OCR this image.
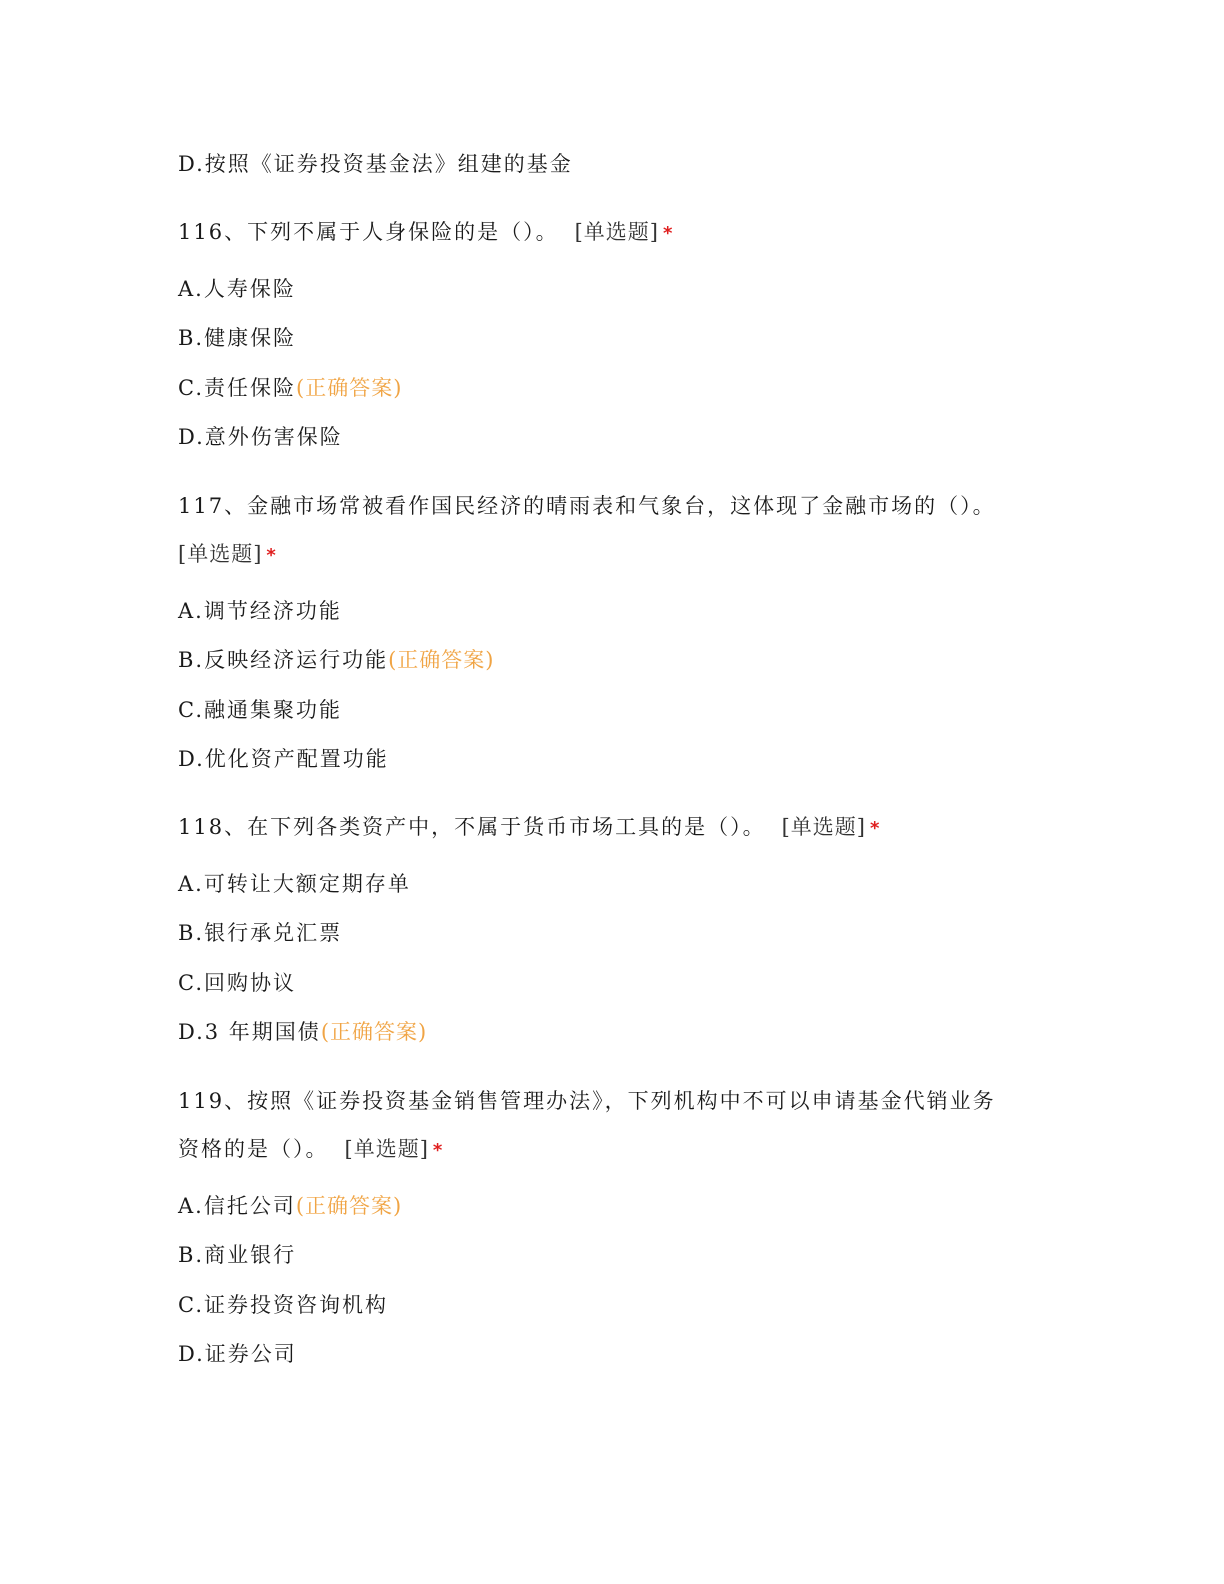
D.按照《证券投资基金法》组建的基金
116、下列不属于人身保险的是（）。 [单选题] *
A.人寿保险
B.健康保险
C.责任保险(正确答案)
D.意外伤害保险
117、金融市场常被看作国民经济的晴雨表和气象台，这体现了金融市场的（）。
[单选题] *
A.调节经济功能
B.反映经济运行功能(正确答案)
C.融通集聚功能
D.优化资产配置功能
118、在下列各类资产中，不属于货币市场工具的是（）。 [单选题] *
A.可转让大额定期存单
B.银行承兑汇票
C.回购协议
D.3 年期国债(正确答案)
119、按照《证券投资基金销售管理办法》，下列机构中不可以申请基金代销业务
资格的是（）。 [单选题] *
A.信托公司(正确答案)
B.商业银行
C.证券投资咨询机构
D.证券公司
